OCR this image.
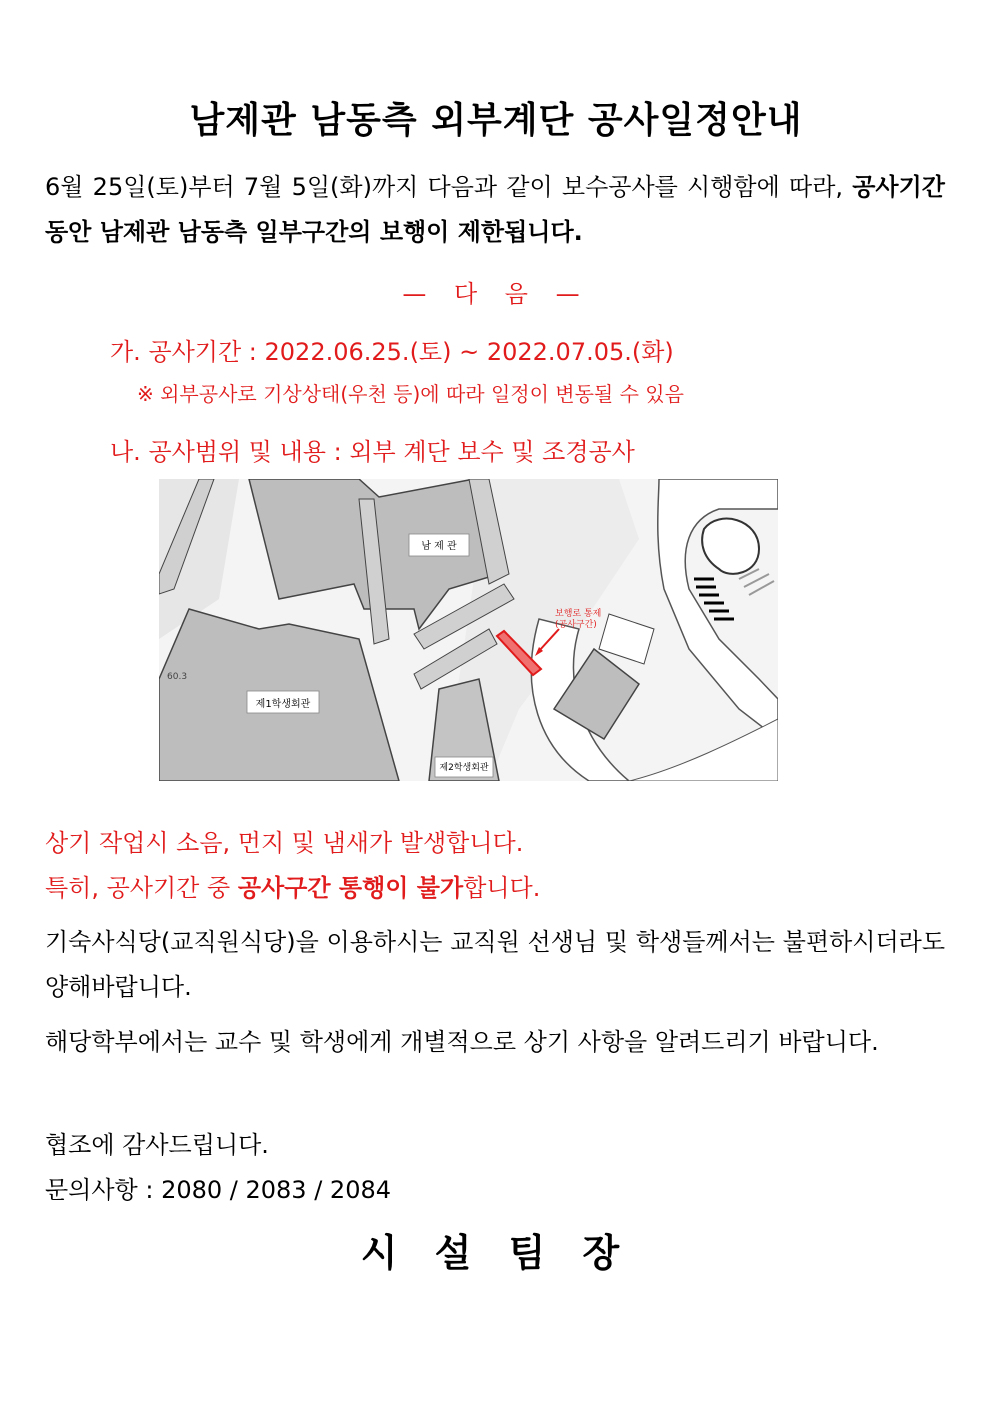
남제관 남동측 외부계단 공사일정안내
6월 25일(토)부터 7월 5일(화)까지 다음과 같이 보수공사를 시행함에 따라, 공사기간 동안 남제관 남동측 일부구간의 보행이 제한됩니다.
— 다 음 —
가. 공사기간 : 2022.06.25.(토) ~ 2022.07.05.(화)
※ 외부공사로 기상상태(우천 등)에 따라 일정이 변동될 수 있음
나. 공사범위 및 내용 : 외부 계단 보수 및 조경공사
남 제 관
제1학생회관
제2학생회관
보행로 통제
(공사구간)
60.3
상기 작업시 소음, 먼지 및 냄새가 발생합니다.
특히, 공사기간 중 공사구간 통행이 불가합니다.
기숙사식당(교직원식당)을 이용하시는 교직원 선생님 및 학생들께서는 불편하시더라도 양해바랍니다.
해당학부에서는 교수 및 학생에게 개별적으로 상기 사항을 알려드리기 바랍니다.
협조에 감사드립니다.
문의사항 : 2080 / 2083 / 2084
시 설 팀 장
